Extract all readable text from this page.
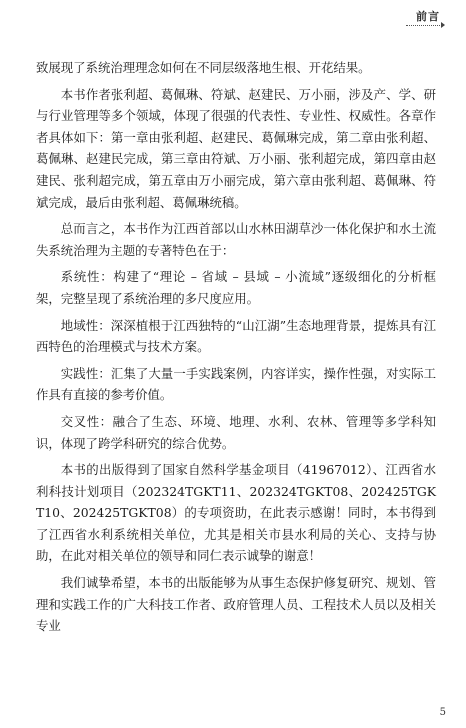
前言

致展现了系统治理理念如何在不同层级落地生根、开花结果。

本书作者张利超、葛佩琳、符斌、赵建民、万小丽，涉及产、学、研与行业管理等多个领域，体现了很强的代表性、专业性、权威性。各章作者具体如下：第一章由张利超、赵建民、葛佩琳完成，第二章由张利超、葛佩琳、赵建民完成，第三章由符斌、万小丽、张利超完成，第四章由赵建民、张利超完成，第五章由万小丽完成，第六章由张利超、葛佩琳、符斌完成，最后由张利超、葛佩琳统稿。

总而言之，本书作为江西首部以山水林田湖草沙一体化保护和水土流失系统治理为主题的专著特色在于：

系统性：构建了“理论 – 省域 – 县域 – 小流域”逐级细化的分析框架，完整呈现了系统治理的多尺度应用。

地域性：深深植根于江西独特的“山江湖”生态地理背景，提炼具有江西特色的治理模式与技术方案。

实践性：汇集了大量一手实践案例，内容详实，操作性强，对实际工作具有直接的参考价值。

交叉性：融合了生态、环境、地理、水利、农林、管理等多学科知识，体现了跨学科研究的综合优势。

本书的出版得到了国家自然科学基金项目（41967012）、江西省水利科技计划项目（202324TGKT11、202324TGKT08、202425TGKT10、202425TGKT08）的专项资助，在此表示感谢！同时，本书得到了江西省水利系统相关单位，尤其是相关市县水利局的关心、支持与协助，在此对相关单位的领导和同仁表示诚挚的谢意！

我们诚挚希望，本书的出版能够为从事生态保护修复研究、规划、管理和实践工作的广大科技工作者、政府管理人员、工程技术人员以及相关专业

5
